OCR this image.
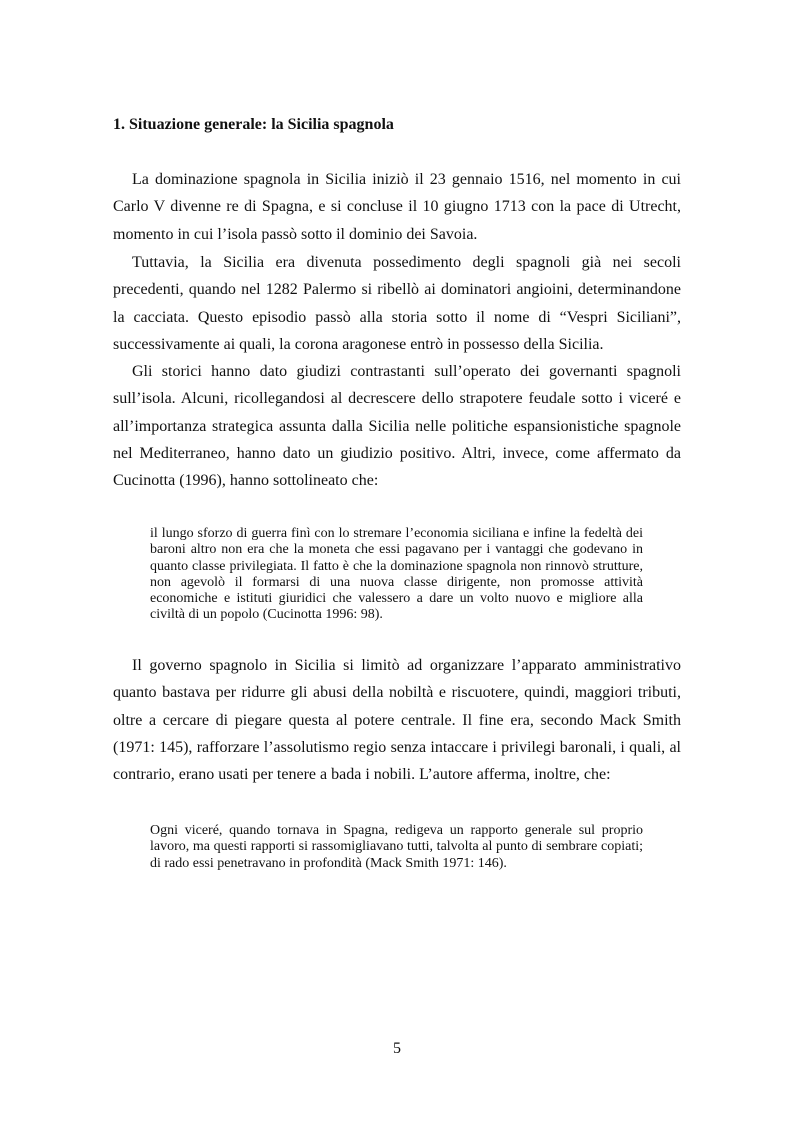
1. Situazione generale: la Sicilia spagnola

La dominazione spagnola in Sicilia iniziò il 23 gennaio 1516, nel momento in cui Carlo V divenne re di Spagna, e si concluse il 10 giugno 1713 con la pace di Utrecht, momento in cui l’isola passò sotto il dominio dei Savoia.

Tuttavia, la Sicilia era divenuta possedimento degli spagnoli già nei secoli precedenti, quando nel 1282 Palermo si ribellò ai dominatori angioini, determinandone la cacciata. Questo episodio passò alla storia sotto il nome di “Vespri Siciliani”, successivamente ai quali, la corona aragonese entrò in possesso della Sicilia.

Gli storici hanno dato giudizi contrastanti sull’operato dei governanti spagnoli sull’isola. Alcuni, ricollegandosi al decrescere dello strapotere feudale sotto i viceré e all’importanza strategica assunta dalla Sicilia nelle politiche espansionistiche spagnole nel Mediterraneo, hanno dato un giudizio positivo. Altri, invece, come affermato da Cucinotta (1996), hanno sottolineato che:

il lungo sforzo di guerra finì con lo stremare l’economia siciliana e infine la fedeltà dei baroni altro non era che la moneta che essi pagavano per i vantaggi che godevano in quanto classe privilegiata. Il fatto è che la dominazione spagnola non rinnovò strutture, non agevolò il formarsi di una nuova classe dirigente, non promosse attività economiche e istituti giuridici che valessero a dare un volto nuovo e migliore alla civiltà di un popolo (Cucinotta 1996: 98).

Il governo spagnolo in Sicilia si limitò ad organizzare l’apparato amministrativo quanto bastava per ridurre gli abusi della nobiltà e riscuotere, quindi, maggiori tributi, oltre a cercare di piegare questa al potere centrale. Il fine era, secondo Mack Smith (1971: 145), rafforzare l’assolutismo regio senza intaccare i privilegi baronali, i quali, al contrario, erano usati per tenere a bada i nobili. L’autore afferma, inoltre, che:

Ogni viceré, quando tornava in Spagna, redigeva un rapporto generale sul proprio lavoro, ma questi rapporti si rassomigliavano tutti, talvolta al punto di sembrare copiati; di rado essi penetravano in profondità (Mack Smith 1971: 146).
5
